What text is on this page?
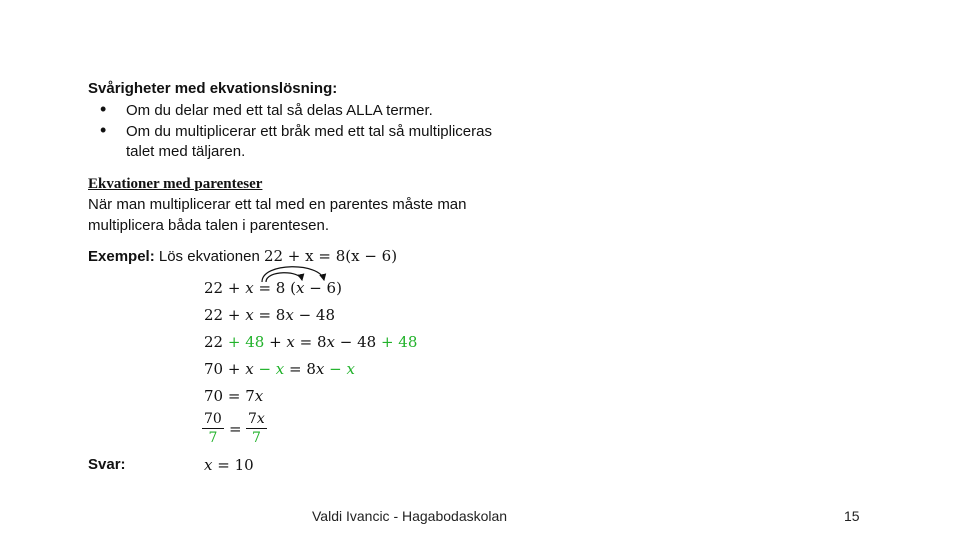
Svårigheter med ekvationslösning:
• Om du delar med ett tal så delas ALLA termer.
• Om du multiplicerar ett bråk med ett tal så multipliceras talet med täljaren.
Ekvationer med parenteser
När man multiplicerar ett tal med en parentes måste man multiplicera båda talen i parentesen.
Exempel: Lös ekvationen 22 + x = 8(x − 6)
22 + x = 8 (x − 6)
22 + x = 8x − 48
22 + 48 + x = 8x − 48 + 48
70 + x − x = 8x − x
70 = 7x
$\frac{70}{7} = \frac{7x}{7}$
Svar:	x = 10
Valdi Ivancic - Hagabodaskolan	15
